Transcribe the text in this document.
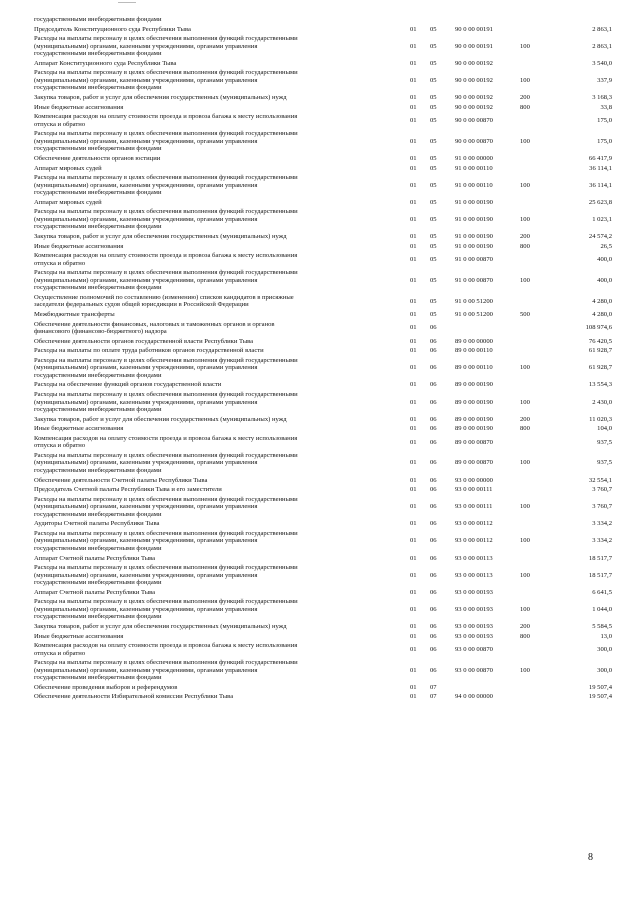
государственными внебюджетными фондами
Председатель Конституционного суда Республики Тыва	01 05	90 0 00 00191	2 863,1
Расходы на выплаты персоналу в целях обеспечения выполнения функций государственными
(муниципальными) органами, казенными учреждениями, органами управления
государственными внебюджетными фондами
01 05	90 0 00 00191	100	2 863,1
Аппарат Конституционного суда Республики Тыва	01 05	90 0 00 00192	3 540,0
Расходы на выплаты персоналу в целях обеспечения выполнения функций государственными
(муниципальными) органами, казенными учреждениями, органами управления
государственными внебюджетными фондами
01 05	90 0 00 00192	100	337,9
Закупка товаров, работ и услуг для обеспечения государственных (муниципальных) нужд	01 05	90 0 00 00192	200	3 168,3
Иные бюджетные ассигнования	01 05	90 0 00 00192	800	33,8
Компенсация расходов на оплату стоимости проезда и провоза багажа к месту использования
отпуска и обратно
01 05	90 0 00 00870	175,0
Расходы на выплаты персоналу в целях обеспечения выполнения функций государственными
(муниципальными) органами, казенными учреждениями, органами управления
государственными внебюджетными фондами
01 05	90 0 00 00870	100	175,0
Обеспечение деятельности органов юстиции	01 05	91 0 00 00000	66 417,9
Аппарат мировых судей	01 05	91 0 00 00110	36 114,1
Расходы на выплаты персоналу в целях обеспечения выполнения функций государственными
(муниципальными) органами, казенными учреждениями, органами управления
государственными внебюджетными фондами
01 05	91 0 00 00110	100	36 114,1
Аппарат мировых судей	01 05	91 0 00 00190	25 623,8
Расходы на выплаты персоналу в целях обеспечения выполнения функций государственными
(муниципальными) органами, казенными учреждениями, органами управления
государственными внебюджетными фондами
01 05	91 0 00 00190	100	1 023,1
Закупка товаров, работ и услуг для обеспечения государственных (муниципальных) нужд	01 05	91 0 00 00190	200	24 574,2
Иные бюджетные ассигнования	01 05	91 0 00 00190	800	26,5
Компенсация расходов на оплату стоимости проезда и провоза багажа к месту использования
отпуска и обратно
01 05	91 0 00 00870	400,0
Расходы на выплаты персоналу в целях обеспечения выполнения функций государственными
(муниципальными) органами, казенными учреждениями, органами управления
государственными внебюджетными фондами
01 05	91 0 00 00870	100	400,0
Осуществление полномочий по составлению (изменению) списков кандидатов в присяжные
заседатели федеральных судов общей юрисдикции в Российской Федерации
01 05	91 0 00 51200	4 280,0
Межбюджетные трансферты	01 05	91 0 00 51200	500	4 280,0
Обеспечение деятельности финансовых, налоговых и таможенных органов и органов
финансового (финансово-бюджетного) надзора
01 06	108 974,6
Обеспечение деятельности органов государственной власти Республики Тыва	01 06	89 0 00 00000	76 420,5
Расходы на выплаты по оплате труда работников органов государственной власти	01 06	89 0 00 00110	61 928,7
Расходы на выплаты персоналу в целях обеспечения выполнения функций государственными
(муниципальными) органами, казенными учреждениями, органами управления
государственными внебюджетными фондами
01 06	89 0 00 00110	100	61 928,7
Расходы на обеспечение функций органов государственной власти	01 06	89 0 00 00190	13 554,3
Расходы на выплаты персоналу в целях обеспечения выполнения функций государственными
(муниципальными) органами, казенными учреждениями, органами управления
государственными внебюджетными фондами
01 06	89 0 00 00190	100	2 430,0
Закупка товаров, работ и услуг для обеспечения государственных (муниципальных) нужд	01 06	89 0 00 00190	200	11 020,3
Иные бюджетные ассигнования	01 06	89 0 00 00190	800	104,0
Компенсация расходов на оплату стоимости проезда и провоза багажа к месту использования
отпуска и обратно
01 06	89 0 00 00870	937,5
Расходы на выплаты персоналу в целях обеспечения выполнения функций государственными
(муниципальными) органами, казенными учреждениями, органами управления
государственными внебюджетными фондами
01 06	89 0 00 00870	100	937,5
Обеспечение деятельности Счетной палаты Республики Тыва	01 06	93 0 00 00000	32 554,1
Председатель Счетной палаты Республики Тыва и его заместители	01 06	93 0 00 00111	3 760,7
Расходы на выплаты персоналу в целях обеспечения выполнения функций государственными
(муниципальными) органами, казенными учреждениями, органами управления
государственными внебюджетными фондами
01 06	93 0 00 00111	100	3 760,7
Аудиторы Счетной палаты Республики Тыва	01 06	93 0 00 00112	3 334,2
Расходы на выплаты персоналу в целях обеспечения выполнения функций государственными
(муниципальными) органами, казенными учреждениями, органами управления
государственными внебюджетными фондами
01 06	93 0 00 00112	100	3 334,2
Аппарат Счетной палаты Республики Тыва	01 06	93 0 00 00113	18 517,7
Расходы на выплаты персоналу в целях обеспечения выполнения функций государственными
(муниципальными) органами, казенными учреждениями, органами управления
государственными внебюджетными фондами
01 06	93 0 00 00113	100	18 517,7
Аппарат Счетной палаты Республики Тыва	01 06	93 0 00 00193	6 641,5
Расходы на выплаты персоналу в целях обеспечения выполнения функций государственными
(муниципальными) органами, казенными учреждениями, органами управления
государственными внебюджетными фондами
01 06	93 0 00 00193	100	1 044,0
Закупка товаров, работ и услуг для обеспечения государственных (муниципальных) нужд	01 06	93 0 00 00193	200	5 584,5
Иные бюджетные ассигнования	01 06	93 0 00 00193	800	13,0
Компенсация расходов на оплату стоимости проезда и провоза багажа к месту использования
отпуска и обратно
01 06	93 0 00 00870	300,0
Расходы на выплаты персоналу в целях обеспечения выполнения функций государственными
(муниципальными) органами, казенными учреждениями, органами управления
государственными внебюджетными фондами
01 06	93 0 00 00870	100	300,0
Обеспечение проведения выборов и референдумов	01 07	19 507,4
Обеспечение деятельности Избирательной комиссии Республики Тыва	01 07	94 0 00 00000	19 507,4
8
